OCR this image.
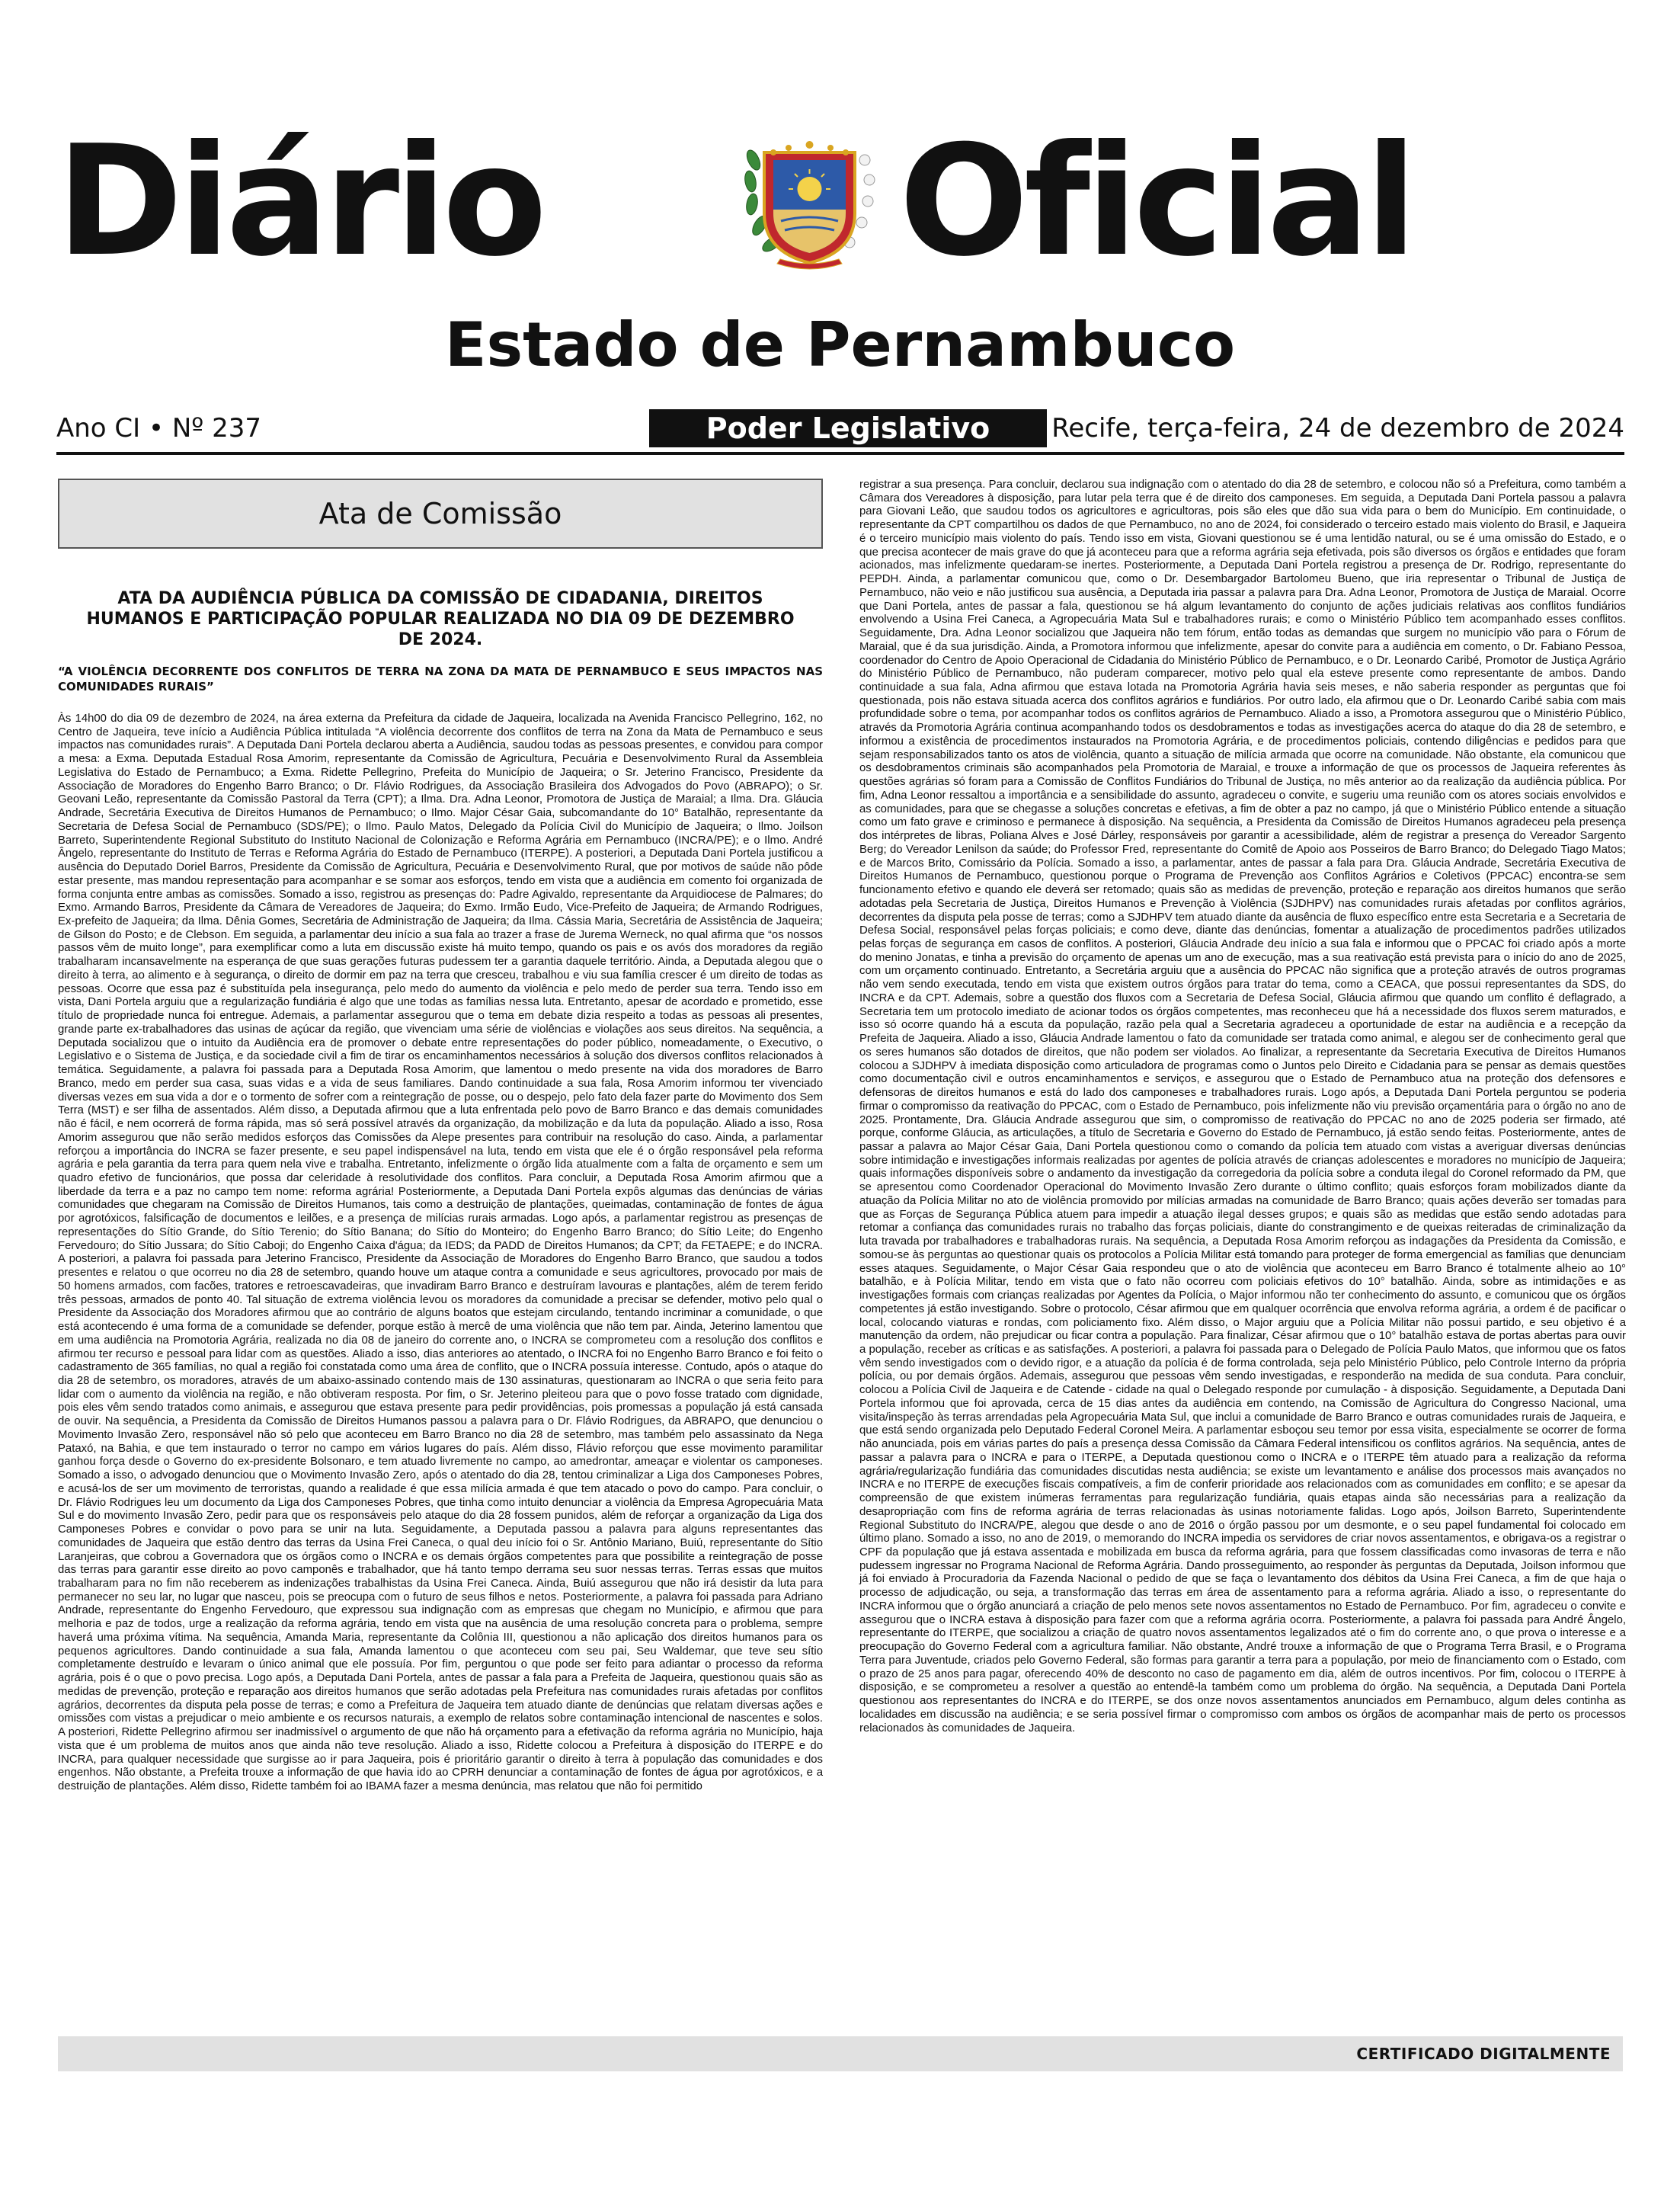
Diário Oficial
Estado de Pernambuco
Ano CI • Nº 237	Poder Legislativo	Recife, terça-feira, 24 de dezembro de 2024
Ata de Comissão
ATA DA AUDIÊNCIA PÚBLICA DA COMISSÃO DE CIDADANIA, DIREITOS HUMANOS E PARTICIPAÇÃO POPULAR REALIZADA NO DIA 09 DE DEZEMBRO DE 2024.
“A VIOLÊNCIA DECORRENTE DOS CONFLITOS DE TERRA NA ZONA DA MATA DE PERNAMBUCO E SEUS IMPACTOS NAS COMUNIDADES RURAIS”

Às 14h00 do dia 09 de dezembro de 2024, na área externa da Prefeitura da cidade de Jaqueira, localizada na Avenida Francisco Pellegrino, 162, no Centro de Jaqueira, teve início a Audiência Pública intitulada “A violência decorrente dos conflitos de terra na Zona da Mata de Pernambuco e seus impactos nas comunidades rurais”. A Deputada Dani Portela declarou aberta a Audiência, saudou todas as pessoas presentes, e convidou para compor a mesa: a Exma. Deputada Estadual Rosa Amorim, representante da Comissão de Agricultura, Pecuária e Desenvolvimento Rural da Assembleia Legislativa do Estado de Pernambuco; a Exma. Ridette Pellegrino, Prefeita do Município de Jaqueira; o Sr. Jeterino Francisco, Presidente da Associação de Moradores do Engenho Barro Branco; o Dr. Flávio Rodrigues, da Associação Brasileira dos Advogados do Povo (ABRAPO); o Sr. Geovani Leão, representante da Comissão Pastoral da Terra (CPT); a Ilma. Dra. Adna Leonor, Promotora de Justiça de Maraial; a Ilma. Dra. Gláucia Andrade, Secretária Executiva de Direitos Humanos de Pernambuco; o Ilmo. Major César Gaia, subcomandante do 10° Batalhão, representante da Secretaria de Defesa Social de Pernambuco (SDS/PE); o Ilmo. Paulo Matos, Delegado da Polícia Civil do Município de Jaqueira; o Ilmo. Joilson Barreto, Superintendente Regional Substituto do Instituto Nacional de Colonização e Reforma Agrária em Pernambuco (INCRA/PE); e o Ilmo. André Ângelo, representante do Instituto de Terras e Reforma Agrária do Estado de Pernambuco (ITERPE). A posteriori, a Deputada Dani Portela justificou a ausência do Deputado Doriel Barros, Presidente da Comissão de Agricultura, Pecuária e Desenvolvimento Rural, que por motivos de saúde não pôde estar presente, mas mandou representação para acompanhar e se somar aos esforços, tendo em vista que a audiência em comento foi organizada de forma conjunta entre ambas as comissões. Somado a isso, registrou as presenças do: Padre Agivaldo, representante da Arquidiocese de Palmares; do Exmo. Armando Barros, Presidente da Câmara de Vereadores de Jaqueira; do Exmo. Irmão Eudo, Vice-Prefeito de Jaqueira; de Armando Rodrigues, Ex-prefeito de Jaqueira; da Ilma. Dênia Gomes, Secretária de Administração de Jaqueira; da Ilma. Cássia Maria, Secretária de Assistência de Jaqueira; de Gilson do Posto; e de Clebson. Em seguida, a parlamentar deu início a sua fala ao trazer a frase de Jurema Werneck, no qual afirma que “os nossos passos vêm de muito longe”, para exemplificar como a luta em discussão existe há muito tempo, quando os pais e os avós dos moradores da região trabalharam incansavelmente na esperança de que suas gerações futuras pudessem ter a garantia daquele território. Ainda, a Deputada alegou que o direito à terra, ao alimento e à segurança, o direito de dormir em paz na terra que cresceu, trabalhou e viu sua família crescer é um direito de todas as pessoas. Ocorre que essa paz é substituída pela insegurança, pelo medo do aumento da violência e pelo medo de perder sua terra. Tendo isso em vista, Dani Portela arguiu que a regularização fundiária é algo que une todas as famílias nessa luta. Entretanto, apesar de acordado e prometido, esse título de propriedade nunca foi entregue. Ademais, a parlamentar assegurou que o tema em debate dizia respeito a todas as pessoas ali presentes, grande parte ex-trabalhadores das usinas de açúcar da região, que vivenciam uma série de violências e violações aos seus direitos. Na sequência, a Deputada socializou que o intuito da Audiência era de promover o debate entre representações do poder público, nomeadamente, o Executivo, o Legislativo e o Sistema de Justiça, e da sociedade civil a fim de tirar os encaminhamentos necessários à solução dos diversos conflitos relacionados à temática. Seguidamente, a palavra foi passada para a Deputada Rosa Amorim, que lamentou o medo presente na vida dos moradores de Barro Branco, medo em perder sua casa, suas vidas e a vida de seus familiares. Dando continuidade a sua fala, Rosa Amorim informou ter vivenciado diversas vezes em sua vida a dor e o tormento de sofrer com a reintegração de posse, ou o despejo, pelo fato dela fazer parte do Movimento dos Sem Terra (MST) e ser filha de assentados. Além disso, a Deputada afirmou que a luta enfrentada pelo povo de Barro Branco e das demais comunidades não é fácil, e nem ocorrerá de forma rápida, mas só será possível através da organização, da mobilização e da luta da população. Aliado a isso, Rosa Amorim assegurou que não serão medidos esforços das Comissões da Alepe presentes para contribuir na resolução do caso. Ainda, a parlamentar reforçou a importância do INCRA se fazer presente, e seu papel indispensável na luta, tendo em vista que ele é o órgão responsável pela reforma agrária e pela garantia da terra para quem nela vive e trabalha. Entretanto, infelizmente o órgão lida atualmente com a falta de orçamento e sem um quadro efetivo de funcionários, que possa dar celeridade à resolutividade dos conflitos. Para concluir, a Deputada Rosa Amorim afirmou que a liberdade da terra e a paz no campo tem nome: reforma agrária! Posteriormente, a Deputada Dani Portela expôs algumas das denúncias de várias comunidades que chegaram na Comissão de Direitos Humanos, tais como a destruição de plantações, queimadas, contaminação de fontes de água por agrotóxicos, falsificação de documentos e leilões, e a presença de milícias rurais armadas. Logo após, a parlamentar registrou as presenças de representações do Sítio Grande, do Sítio Terenio; do Sítio Banana; do Sítio do Monteiro; do Engenho Barro Branco; do Sítio Leite; do Engenho Fervedouro; do Sítio Jussara; do Sítio Caboji; do Engenho Caixa d'água; da IEDS; da PADD de Direitos Humanos; da CPT; da FETAEPE; e do INCRA. A posteriori, a palavra foi passada para Jeterino Francisco, Presidente da Associação de Moradores do Engenho Barro Branco, que saudou a todos presentes e relatou o que ocorreu no dia 28 de setembro, quando houve um ataque contra a comunidade e seus agricultores, provocado por mais de 50 homens armados, com facões, tratores e retroescavadeiras, que invadiram Barro Branco e destruíram lavouras e plantações, além de terem ferido três pessoas, armados de ponto 40. Tal situação de extrema violência levou os moradores da comunidade a precisar se defender, motivo pelo qual o Presidente da Associação dos Moradores afirmou que ao contrário de alguns boatos que estejam circulando, tentando incriminar a comunidade, o que está acontecendo é uma forma de a comunidade se defender, porque estão à mercê de uma violência que não tem par. Ainda, Jeterino lamentou que em uma audiência na Promotoria Agrária, realizada no dia 08 de janeiro do corrente ano, o INCRA se comprometeu com a resolução dos conflitos e afirmou ter recurso e pessoal para lidar com as questões. Aliado a isso, dias anteriores ao atentado, o INCRA foi no Engenho Barro Branco e foi feito o cadastramento de 365 famílias, no qual a região foi constatada como uma área de conflito, que o INCRA possuía interesse. Contudo, após o ataque do dia 28 de setembro, os moradores, através de um abaixo-assinado contendo mais de 130 assinaturas, questionaram ao INCRA o que seria feito para lidar com o aumento da violência na região, e não obtiveram resposta. Por fim, o Sr. Jeterino pleiteou para que o povo fosse tratado com dignidade, pois eles vêm sendo tratados como animais, e assegurou que estava presente para pedir providências, pois promessas a população já está cansada de ouvir. Na sequência, a Presidenta da Comissão de Direitos Humanos passou a palavra para o Dr. Flávio Rodrigues, da ABRAPO, que denunciou o Movimento Invasão Zero, responsável não só pelo que aconteceu em Barro Branco no dia 28 de setembro, mas também pelo assassinato da Nega Pataxó, na Bahia, e que tem instaurado o terror no campo em vários lugares do país. Além disso, Flávio reforçou que esse movimento paramilitar ganhou força desde o Governo do ex-presidente Bolsonaro, e tem atuado livremente no campo, ao amedrontar, ameaçar e violentar os camponeses. Somado a isso, o advogado denunciou que o Movimento Invasão Zero, após o atentado do dia 28, tentou criminalizar a Liga dos Camponeses Pobres, e acusá-los de ser um movimento de terroristas, quando a realidade é que essa milícia armada é que tem atacado o povo do campo. Para concluir, o Dr. Flávio Rodrigues leu um documento da Liga dos Camponeses Pobres, que tinha como intuito denunciar a violência da Empresa Agropecuária Mata Sul e do movimento Invasão Zero, pedir para que os responsáveis pelo ataque do dia 28 fossem punidos, além de reforçar a organização da Liga dos Camponeses Pobres e convidar o povo para se unir na luta. Seguidamente, a Deputada passou a palavra para alguns representantes das comunidades de Jaqueira que estão dentro das terras da Usina Frei Caneca, o qual deu início foi o Sr. Antônio Mariano, Buiú, representante do Sítio Laranjeiras, que cobrou a Governadora que os órgãos como o INCRA e os demais órgãos competentes para que possibilite a reintegração de posse das terras para garantir esse direito ao povo camponês e trabalhador, que há tanto tempo derrama seu suor nessas terras. Terras essas que muitos trabalharam para no fim não receberem as indenizações trabalhistas da Usina Frei Caneca. Ainda, Buiú assegurou que não irá desistir da luta para permanecer no seu lar, no lugar que nasceu, pois se preocupa com o futuro de seus filhos e netos. Posteriormente, a palavra foi passada para Adriano Andrade, representante do Engenho Fervedouro, que expressou sua indignação com as empresas que chegam no Município, e afirmou que para melhoria e paz de todos, urge a realização da reforma agrária, tendo em vista que na ausência de uma resolução concreta para o problema, sempre haverá uma próxima vítima. Na sequência, Amanda Maria, representante da Colônia III, questionou a não aplicação dos direitos humanos para os pequenos agricultores. Dando continuidade a sua fala, Amanda lamentou o que aconteceu com seu pai, Seu Waldemar, que teve seu sítio completamente destruído e levaram o único animal que ele possuía. Por fim, perguntou o que pode ser feito para adiantar o processo da reforma agrária, pois é o que o povo precisa. Logo após, a Deputada Dani Portela, antes de passar a fala para a Prefeita de Jaqueira, questionou quais são as medidas de prevenção, proteção e reparação aos direitos humanos que serão adotadas pela Prefeitura nas comunidades rurais afetadas por conflitos agrários, decorrentes da disputa pela posse de terras; e como a Prefeitura de Jaqueira tem atuado diante de denúncias que relatam diversas ações e omissões com vistas a prejudicar o meio ambiente e os recursos naturais, a exemplo de relatos sobre contaminação intencional de nascentes e solos. A posteriori, Ridette Pellegrino afirmou ser inadmissível o argumento de que não há orçamento para a efetivação da reforma agrária no Município, haja vista que é um problema de muitos anos que ainda não teve resolução. Aliado a isso, Ridette colocou a Prefeitura à disposição do ITERPE e do INCRA, para qualquer necessidade que surgisse ao ir para Jaqueira, pois é prioritário garantir o direito à terra à população das comunidades e dos engenhos. Não obstante, a Prefeita trouxe a informação de que havia ido ao CPRH denunciar a contaminação de fontes de água por agrotóxicos, e a destruição de plantações. Além disso, Ridette também foi ao IBAMA fazer a mesma denúncia, mas relatou que não foi permitido

registrar a sua presença. Para concluir, declarou sua indignação com o atentado do dia 28 de setembro, e colocou não só a Prefeitura, como também a Câmara dos Vereadores à disposição, para lutar pela terra que é de direito dos camponeses. Em seguida, a Deputada Dani Portela passou a palavra para Giovani Leão, que saudou todos os agricultores e agricultoras, pois são eles que dão sua vida para o bem do Município. Em continuidade, o representante da CPT compartilhou os dados de que Pernambuco, no ano de 2024, foi considerado o terceiro estado mais violento do Brasil, e Jaqueira é o terceiro município mais violento do país. Tendo isso em vista, Giovani questionou se é uma lentidão natural, ou se é uma omissão do Estado, e o que precisa acontecer de mais grave do que já aconteceu para que a reforma agrária seja efetivada, pois são diversos os órgãos e entidades que foram acionados, mas infelizmente quedaram-se inertes. Posteriormente, a Deputada Dani Portela registrou a presença de Dr. Rodrigo, representante do PEPDH. Ainda, a parlamentar comunicou que, como o Dr. Desembargador Bartolomeu Bueno, que iria representar o Tribunal de Justiça de Pernambuco, não veio e não justificou sua ausência, a Deputada iria passar a palavra para Dra. Adna Leonor, Promotora de Justiça de Maraial. Ocorre que Dani Portela, antes de passar a fala, questionou se há algum levantamento do conjunto de ações judiciais relativas aos conflitos fundiários envolvendo a Usina Frei Caneca, a Agropecuária Mata Sul e trabalhadores rurais; e como o Ministério Público tem acompanhado esses conflitos. Seguidamente, Dra. Adna Leonor socializou que Jaqueira não tem fórum, então todas as demandas que surgem no município vão para o Fórum de Maraial, que é da sua jurisdição. Ainda, a Promotora informou que infelizmente, apesar do convite para a audiência em comento, o Dr. Fabiano Pessoa, coordenador do Centro de Apoio Operacional de Cidadania do Ministério Público de Pernambuco, e o Dr. Leonardo Caribé, Promotor de Justiça Agrário do Ministério Público de Pernambuco, não puderam comparecer, motivo pelo qual ela esteve presente como representante de ambos. Dando continuidade a sua fala, Adna afirmou que estava lotada na Promotoria Agrária havia seis meses, e não saberia responder as perguntas que foi questionada, pois não estava situada acerca dos conflitos agrários e fundiários. Por outro lado, ela afirmou que o Dr. Leonardo Caribé sabia com mais profundidade sobre o tema, por acompanhar todos os conflitos agrários de Pernambuco. Aliado a isso, a Promotora assegurou que o Ministério Público, através da Promotoria Agrária continua acompanhando todos os desdobramentos e todas as investigações acerca do ataque do dia 28 de setembro, e informou a existência de procedimentos instaurados na Promotoria Agrária, e de procedimentos policiais, contendo diligências e pedidos para que sejam responsabilizados tanto os atos de violência, quanto a situação de milícia armada que ocorre na comunidade. Não obstante, ela comunicou que os desdobramentos criminais são acompanhados pela Promotoria de Maraial, e trouxe a informação de que os processos de Jaqueira referentes às questões agrárias só foram para a Comissão de Conflitos Fundiários do Tribunal de Justiça, no mês anterior ao da realização da audiência pública. Por fim, Adna Leonor ressaltou a importância e a sensibilidade do assunto, agradeceu o convite, e sugeriu uma reunião com os atores sociais envolvidos e as comunidades, para que se chegasse a soluções concretas e efetivas, a fim de obter a paz no campo, já que o Ministério Público entende a situação como um fato grave e criminoso e permanece à disposição. Na sequência, a Presidenta da Comissão de Direitos Humanos agradeceu pela presença dos intérpretes de libras, Poliana Alves e José Dárley, responsáveis por garantir a acessibilidade, além de registrar a presença do Vereador Sargento Berg; do Vereador Lenilson da saúde; do Professor Fred, representante do Comitê de Apoio aos Posseiros de Barro Branco; do Delegado Tiago Matos; e de Marcos Brito, Comissário da Polícia. Somado a isso, a parlamentar, antes de passar a fala para Dra. Gláucia Andrade, Secretária Executiva de Direitos Humanos de Pernambuco, questionou porque o Programa de Prevenção aos Conflitos Agrários e Coletivos (PPCAC) encontra-se sem funcionamento efetivo e quando ele deverá ser retomado; quais são as medidas de prevenção, proteção e reparação aos direitos humanos que serão adotadas pela Secretaria de Justiça, Direitos Humanos e Prevenção à Violência (SJDHPV) nas comunidades rurais afetadas por conflitos agrários, decorrentes da disputa pela posse de terras; como a SJDHPV tem atuado diante da ausência de fluxo específico entre esta Secretaria e a Secretaria de Defesa Social, responsável pelas forças policiais; e como deve, diante das denúncias, fomentar a atualização de procedimentos padrões utilizados pelas forças de segurança em casos de conflitos. A posteriori, Gláucia Andrade deu início a sua fala e informou que o PPCAC foi criado após a morte do menino Jonatas, e tinha a previsão do orçamento de apenas um ano de execução, mas a sua reativação está prevista para o início do ano de 2025, com um orçamento continuado. Entretanto, a Secretária arguiu que a ausência do PPCAC não significa que a proteção através de outros programas não vem sendo executada, tendo em vista que existem outros órgãos para tratar do tema, como a CEACA, que possui representantes da SDS, do INCRA e da CPT. Ademais, sobre a questão dos fluxos com a Secretaria de Defesa Social, Gláucia afirmou que quando um conflito é deflagrado, a Secretaria tem um protocolo imediato de acionar todos os órgãos competentes, mas reconheceu que há a necessidade dos fluxos serem maturados, e isso só ocorre quando há a escuta da população, razão pela qual a Secretaria agradeceu a oportunidade de estar na audiência e a recepção da Prefeita de Jaqueira. Aliado a isso, Gláucia Andrade lamentou o fato da comunidade ser tratada como animal, e alegou ser de conhecimento geral que os seres humanos são dotados de direitos, que não podem ser violados. Ao finalizar, a representante da Secretaria Executiva de Direitos Humanos colocou a SJDHPV à imediata disposição como articuladora de programas como o Juntos pelo Direito e Cidadania para se pensar as demais questões como documentação civil e outros encaminhamentos e serviços, e assegurou que o Estado de Pernambuco atua na proteção dos defensores e defensoras de direitos humanos e está do lado dos camponeses e trabalhadores rurais. Logo após, a Deputada Dani Portela perguntou se poderia firmar o compromisso da reativação do PPCAC, com o Estado de Pernambuco, pois infelizmente não viu previsão orçamentária para o órgão no ano de 2025. Prontamente, Dra. Gláucia Andrade assegurou que sim, o compromisso de reativação do PPCAC no ano de 2025 poderia ser firmado, até porque, conforme Gláucia, as articulações, a título de Secretaria e Governo do Estado de Pernambuco, já estão sendo feitas. Posteriormente, antes de passar a palavra ao Major César Gaia, Dani Portela questionou como o comando da polícia tem atuado com vistas a averiguar diversas denúncias sobre intimidação e investigações informais realizadas por agentes de polícia através de crianças adolescentes e moradores no município de Jaqueira; quais informações disponíveis sobre o andamento da investigação da corregedoria da polícia sobre a conduta ilegal do Coronel reformado da PM, que se apresentou como Coordenador Operacional do Movimento Invasão Zero durante o último conflito; quais esforços foram mobilizados diante da atuação da Polícia Militar no ato de violência promovido por milícias armadas na comunidade de Barro Branco; quais ações deverão ser tomadas para que as Forças de Segurança Pública atuem para impedir a atuação ilegal desses grupos; e quais são as medidas que estão sendo adotadas para retomar a confiança das comunidades rurais no trabalho das forças policiais, diante do constrangimento e de queixas reiteradas de criminalização da luta travada por trabalhadores e trabalhadoras rurais. Na sequência, a Deputada Rosa Amorim reforçou as indagações da Presidenta da Comissão, e somou-se às perguntas ao questionar quais os protocolos a Polícia Militar está tomando para proteger de forma emergencial as famílias que denunciam esses ataques. Seguidamente, o Major César Gaia respondeu que o ato de violência que aconteceu em Barro Branco é totalmente alheio ao 10° batalhão, e à Polícia Militar, tendo em vista que o fato não ocorreu com policiais efetivos do 10° batalhão. Ainda, sobre as intimidações e as investigações formais com crianças realizadas por Agentes da Polícia, o Major informou não ter conhecimento do assunto, e comunicou que os órgãos competentes já estão investigando. Sobre o protocolo, César afirmou que em qualquer ocorrência que envolva reforma agrária, a ordem é de pacificar o local, colocando viaturas e rondas, com policiamento fixo. Além disso, o Major arguiu que a Polícia Militar não possui partido, e seu objetivo é a manutenção da ordem, não prejudicar ou ficar contra a população. Para finalizar, César afirmou que o 10° batalhão estava de portas abertas para ouvir a população, receber as críticas e as satisfações. A posteriori, a palavra foi passada para o Delegado de Polícia Paulo Matos, que informou que os fatos vêm sendo investigados com o devido rigor, e a atuação da polícia é de forma controlada, seja pelo Ministério Público, pelo Controle Interno da própria polícia, ou por demais órgãos. Ademais, assegurou que pessoas vêm sendo investigadas, e responderão na medida de sua conduta. Para concluir, colocou a Polícia Civil de Jaqueira e de Catende - cidade na qual o Delegado responde por cumulação - à disposição. Seguidamente, a Deputada Dani Portela informou que foi aprovada, cerca de 15 dias antes da audiência em contendo, na Comissão de Agricultura do Congresso Nacional, uma visita/inspeção às terras arrendadas pela Agropecuária Mata Sul, que inclui a comunidade de Barro Branco e outras comunidades rurais de Jaqueira, e que está sendo organizada pelo Deputado Federal Coronel Meira. A parlamentar esboçou seu temor por essa visita, especialmente se ocorrer de forma não anunciada, pois em várias partes do país a presença dessa Comissão da Câmara Federal intensificou os conflitos agrários. Na sequência, antes de passar a palavra para o INCRA e para o ITERPE, a Deputada questionou como o INCRA e o ITERPE têm atuado para a realização da reforma agrária/regularização fundiária das comunidades discutidas nesta audiência; se existe um levantamento e análise dos processos mais avançados no INCRA e no ITERPE de execuções fiscais compatíveis, a fim de conferir prioridade aos relacionados com as comunidades em conflito; e se apesar da compreensão de que existem inúmeras ferramentas para regularização fundiária, quais etapas ainda são necessárias para a realização da desapropriação com fins de reforma agrária de terras relacionadas às usinas notoriamente falidas. Logo após, Joilson Barreto, Superintendente Regional Substituto do INCRA/PE, alegou que desde o ano de 2016 o órgão passou por um desmonte, e o seu papel fundamental foi colocado em último plano. Somado a isso, no ano de 2019, o memorando do INCRA impedia os servidores de criar novos assentamentos, e obrigava-os a registrar o CPF da população que já estava assentada e mobilizada em busca da reforma agrária, para que fossem classificadas como invasoras de terra e não pudessem ingressar no Programa Nacional de Reforma Agrária. Dando prosseguimento, ao responder às perguntas da Deputada, Joilson informou que já foi enviado à Procuradoria da Fazenda Nacional o pedido de que se faça o levantamento dos débitos da Usina Frei Caneca, a fim de que haja o processo de adjudicação, ou seja, a transformação das terras em área de assentamento para a reforma agrária. Aliado a isso, o representante do INCRA informou que o órgão anunciará a criação de pelo menos sete novos assentamentos no Estado de Pernambuco. Por fim, agradeceu o convite e assegurou que o INCRA estava à disposição para fazer com que a reforma agrária ocorra. Posteriormente, a palavra foi passada para André Ângelo, representante do ITERPE, que socializou a criação de quatro novos assentamentos legalizados até o fim do corrente ano, o que prova o interesse e a preocupação do Governo Federal com a agricultura familiar. Não obstante, André trouxe a informação de que o Programa Terra Brasil, e o Programa Terra para Juventude, criados pelo Governo Federal, são formas para garantir a terra para a população, por meio de financiamento com o Estado, com o prazo de 25 anos para pagar, oferecendo 40% de desconto no caso de pagamento em dia, além de outros incentivos. Por fim, colocou o ITERPE à disposição, e se comprometeu a resolver a questão ao entendê-la também como um problema do órgão. Na sequência, a Deputada Dani Portela questionou aos representantes do INCRA e do ITERPE, se dos onze novos assentamentos anunciados em Pernambuco, algum deles continha as localidades em discussão na audiência; e se seria possível firmar o compromisso com ambos os órgãos de acompanhar mais de perto os processos relacionados às comunidades de Jaqueira.

CERTIFICADO DIGITALMENTE
